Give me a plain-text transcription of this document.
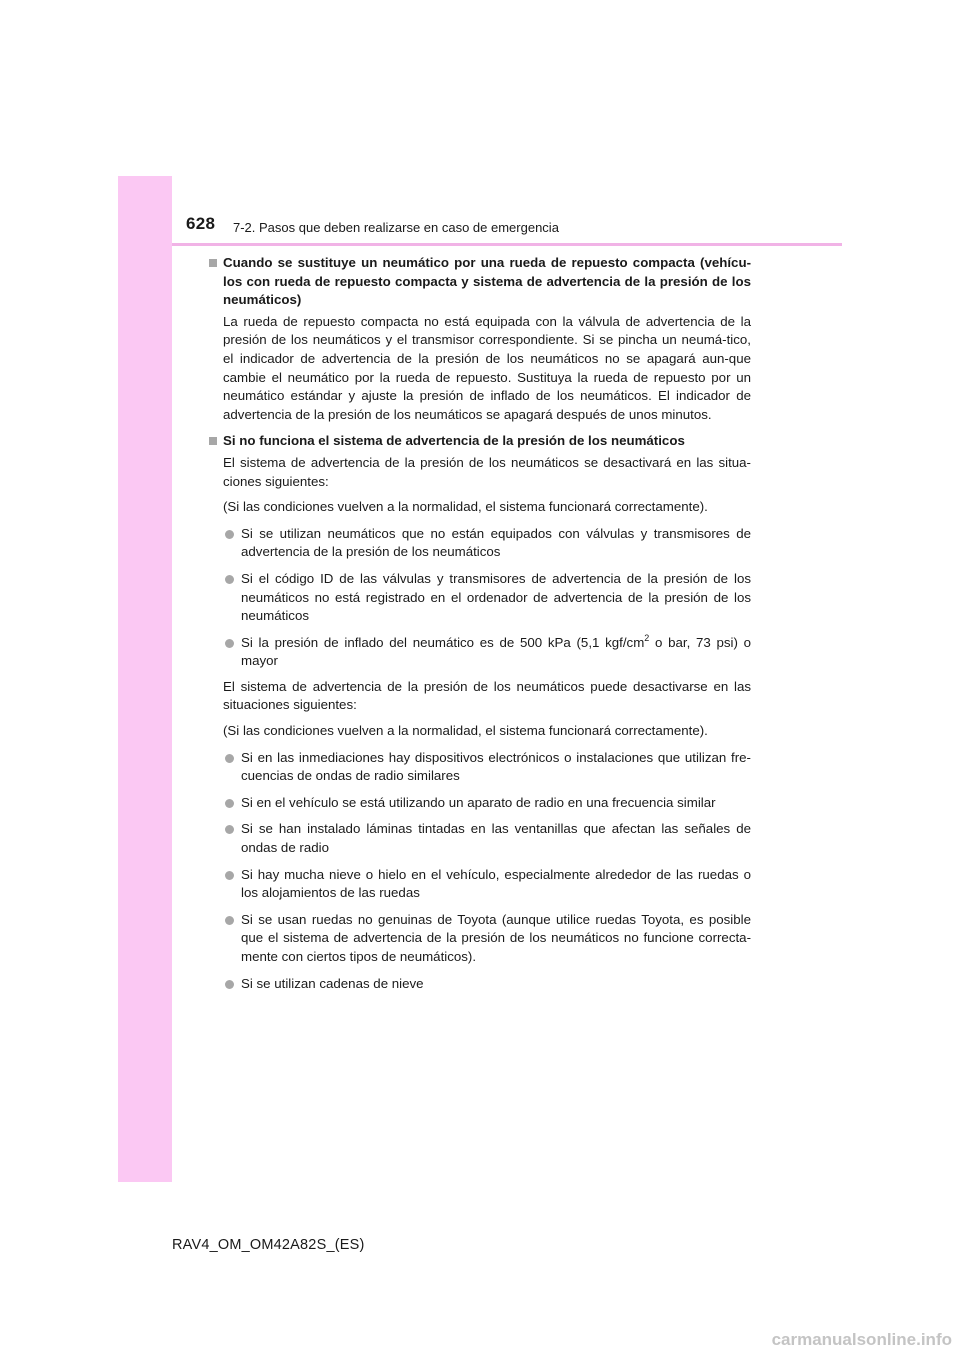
628 7-2. Pasos que deben realizarse en caso de emergencia
Cuando se sustituye un neumático por una rueda de repuesto compacta (vehícu-los con rueda de repuesto compacta y sistema de advertencia de la presión de los neumáticos)
La rueda de repuesto compacta no está equipada con la válvula de advertencia de la presión de los neumáticos y el transmisor correspondiente. Si se pincha un neumá-tico, el indicador de advertencia de la presión de los neumáticos no se apagará aun-que cambie el neumático por la rueda de repuesto. Sustituya la rueda de repuesto por un neumático estándar y ajuste la presión de inflado de los neumáticos. El indicador de advertencia de la presión de los neumáticos se apagará después de unos minutos.
Si no funciona el sistema de advertencia de la presión de los neumáticos
El sistema de advertencia de la presión de los neumáticos se desactivará en las situa-ciones siguientes:
(Si las condiciones vuelven a la normalidad, el sistema funcionará correctamente).
Si se utilizan neumáticos que no están equipados con válvulas y transmisores de advertencia de la presión de los neumáticos
Si el código ID de las válvulas y transmisores de advertencia de la presión de los neumáticos no está registrado en el ordenador de advertencia de la presión de los neumáticos
Si la presión de inflado del neumático es de 500 kPa (5,1 kgf/$cm^2$ o bar, 73 psi) o mayor
El sistema de advertencia de la presión de los neumáticos puede desactivarse en las situaciones siguientes:
(Si las condiciones vuelven a la normalidad, el sistema funcionará correctamente).
Si en las inmediaciones hay dispositivos electrónicos o instalaciones que utilizan fre-cuencias de ondas de radio similares
Si en el vehículo se está utilizando un aparato de radio en una frecuencia similar
Si se han instalado láminas tintadas en las ventanillas que afectan las señales de ondas de radio
Si hay mucha nieve o hielo en el vehículo, especialmente alrededor de las ruedas o los alojamientos de las ruedas
Si se usan ruedas no genuinas de Toyota (aunque utilice ruedas Toyota, es posible que el sistema de advertencia de la presión de los neumáticos no funcione correcta-mente con ciertos tipos de neumáticos).
Si se utilizan cadenas de nieve
RAV4_OM_OM42A82S_(ES)
carmanualsonline.info
